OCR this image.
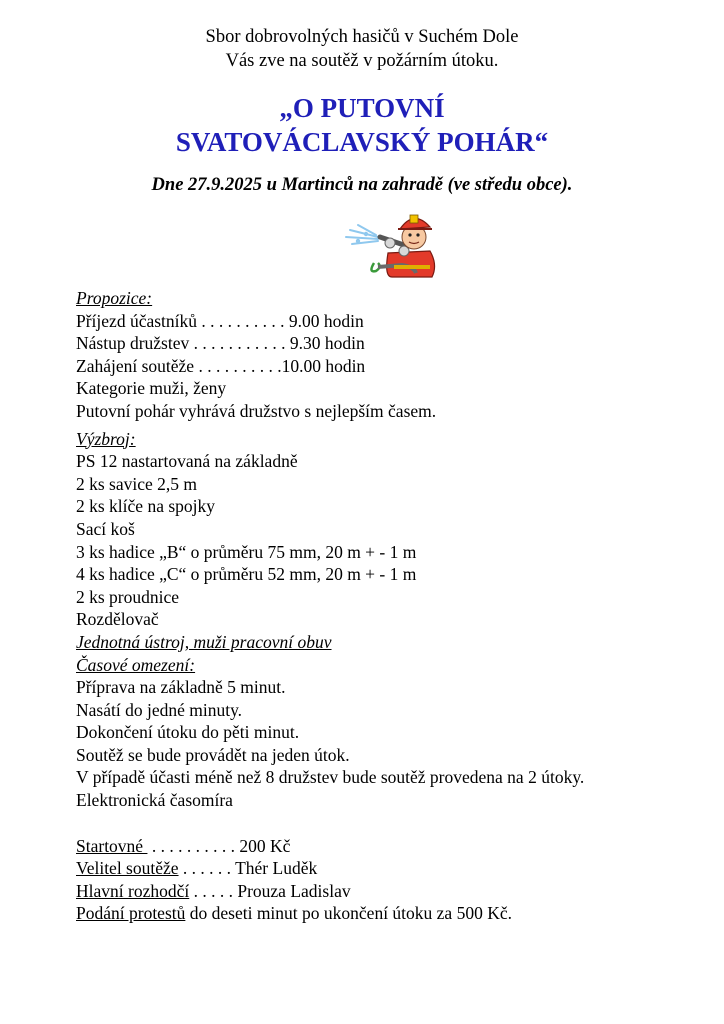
Sbor dobrovolných hasičů v Suchém Dole
Vás zve na soutěž v požárním útoku.
„O PUTOVNÍ
SVATOVÁCLAVSKÝ POHÁR“
Dne 27.9.2025 u Martinců na zahradě (ve středu obce).
Propozice:
Příjezd účastníků . . . . . . . . . . 9.00 hodin
Nástup družstev . . . . . . . . . . . 9.30 hodin
Zahájení soutěže . . . . . . . . . .10.00 hodin
Kategorie muži, ženy
Putovní pohár vyhrává družstvo s nejlepším časem.
Výzbroj:
PS 12 nastartovaná na základně
2 ks savice 2,5 m
2 ks klíče na spojky
Sací koš
3 ks hadice „B“ o průměru 75 mm, 20 m + - 1 m
4 ks hadice „C“ o průměru 52 mm, 20 m + - 1 m
2 ks proudnice
Rozdělovač
Jednotná ústroj, muži pracovní obuv
Časové omezení:
Příprava na základně 5 minut.
Nasátí do jedné minuty.
Dokončení útoku do pěti minut.
Soutěž se bude provádět na jeden útok.
V případě účasti méně než 8 družstev bude soutěž provedena na 2 útoky.
Elektronická časomíra
Startovné  . . . . . . . . . . 200 Kč
Velitel soutěže . . . . . . Thér Luděk
Hlavní rozhodčí . . . . . Prouza Ladislav
Podání protestů do deseti minut po ukončení útoku za 500 Kč.
